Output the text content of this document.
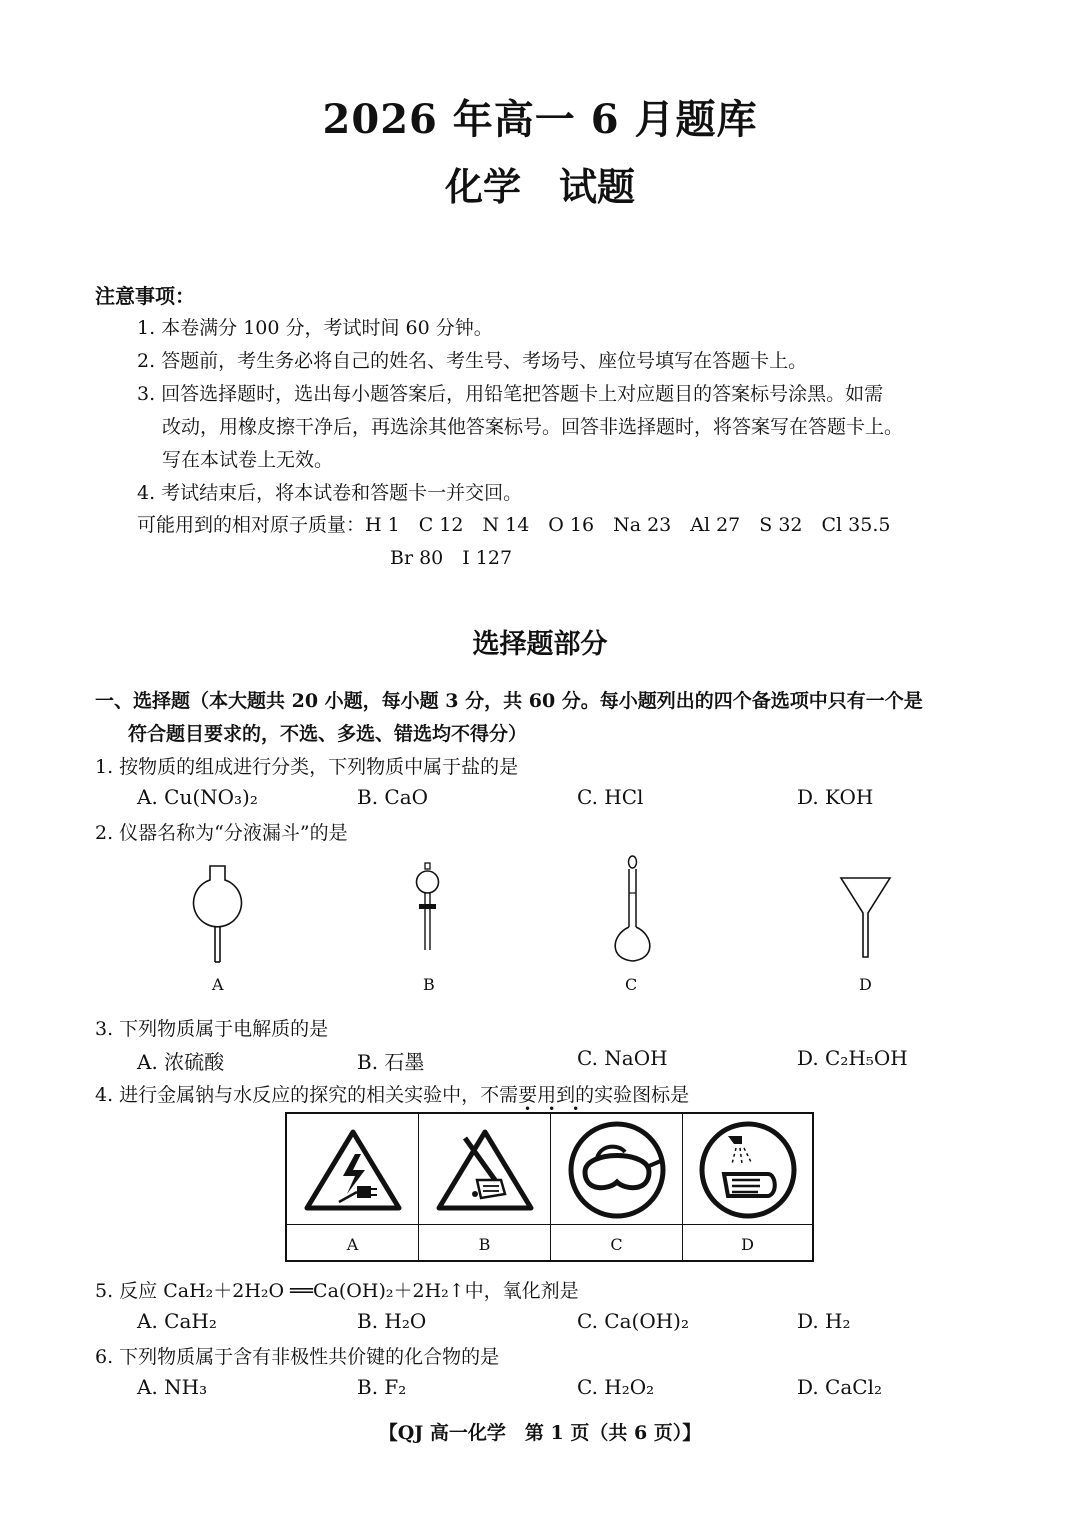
2026 年高一 6 月题库
化学　试题
注意事项：
1. 本卷满分 100 分，考试时间 60 分钟。
2. 答题前，考生务必将自己的姓名、考生号、考场号、座位号填写在答题卡上。
3. 回答选择题时，选出每小题答案后，用铅笔把答题卡上对应题目的答案标号涂黑。如需
改动，用橡皮擦干净后，再选涂其他答案标号。回答非选择题时，将答案写在答题卡上。
写在本试卷上无效。
4. 考试结束后，将本试卷和答题卡一并交回。
可能用到的相对原子质量：H 1　C 12　N 14　O 16　Na 23　Al 27　S 32　Cl 35.5
Br 80　I 127
选择题部分
一、选择题（本大题共 20 小题，每小题 3 分，共 60 分。每小题列出的四个备选项中只有一个是
符合题目要求的，不选、多选、错选均不得分）
1. 按物质的组成进行分类，下列物质中属于盐的是
A. Cu(NO₃)₂	B. CaO	C. HCl	D. KOH
2. 仪器名称为“分液漏斗”的是
A	B	C	D
3. 下列物质属于电解质的是
A. 浓硫酸	B. 石墨	C. NaOH	D. C₂H₅OH
4. 进行金属钠与水反应的探究的相关实验中，不需要用到的实验图标是
•••
A	B	C	D
5. 反应 CaH₂＋2H₂O ══Ca(OH)₂＋2H₂↑中，氧化剂是
A. CaH₂	B. H₂O	C. Ca(OH)₂	D. H₂
6. 下列物质属于含有非极性共价键的化合物的是
A. NH₃	B. F₂	C. H₂O₂	D. CaCl₂
【QJ 高一化学　第 1 页（共 6 页）】
